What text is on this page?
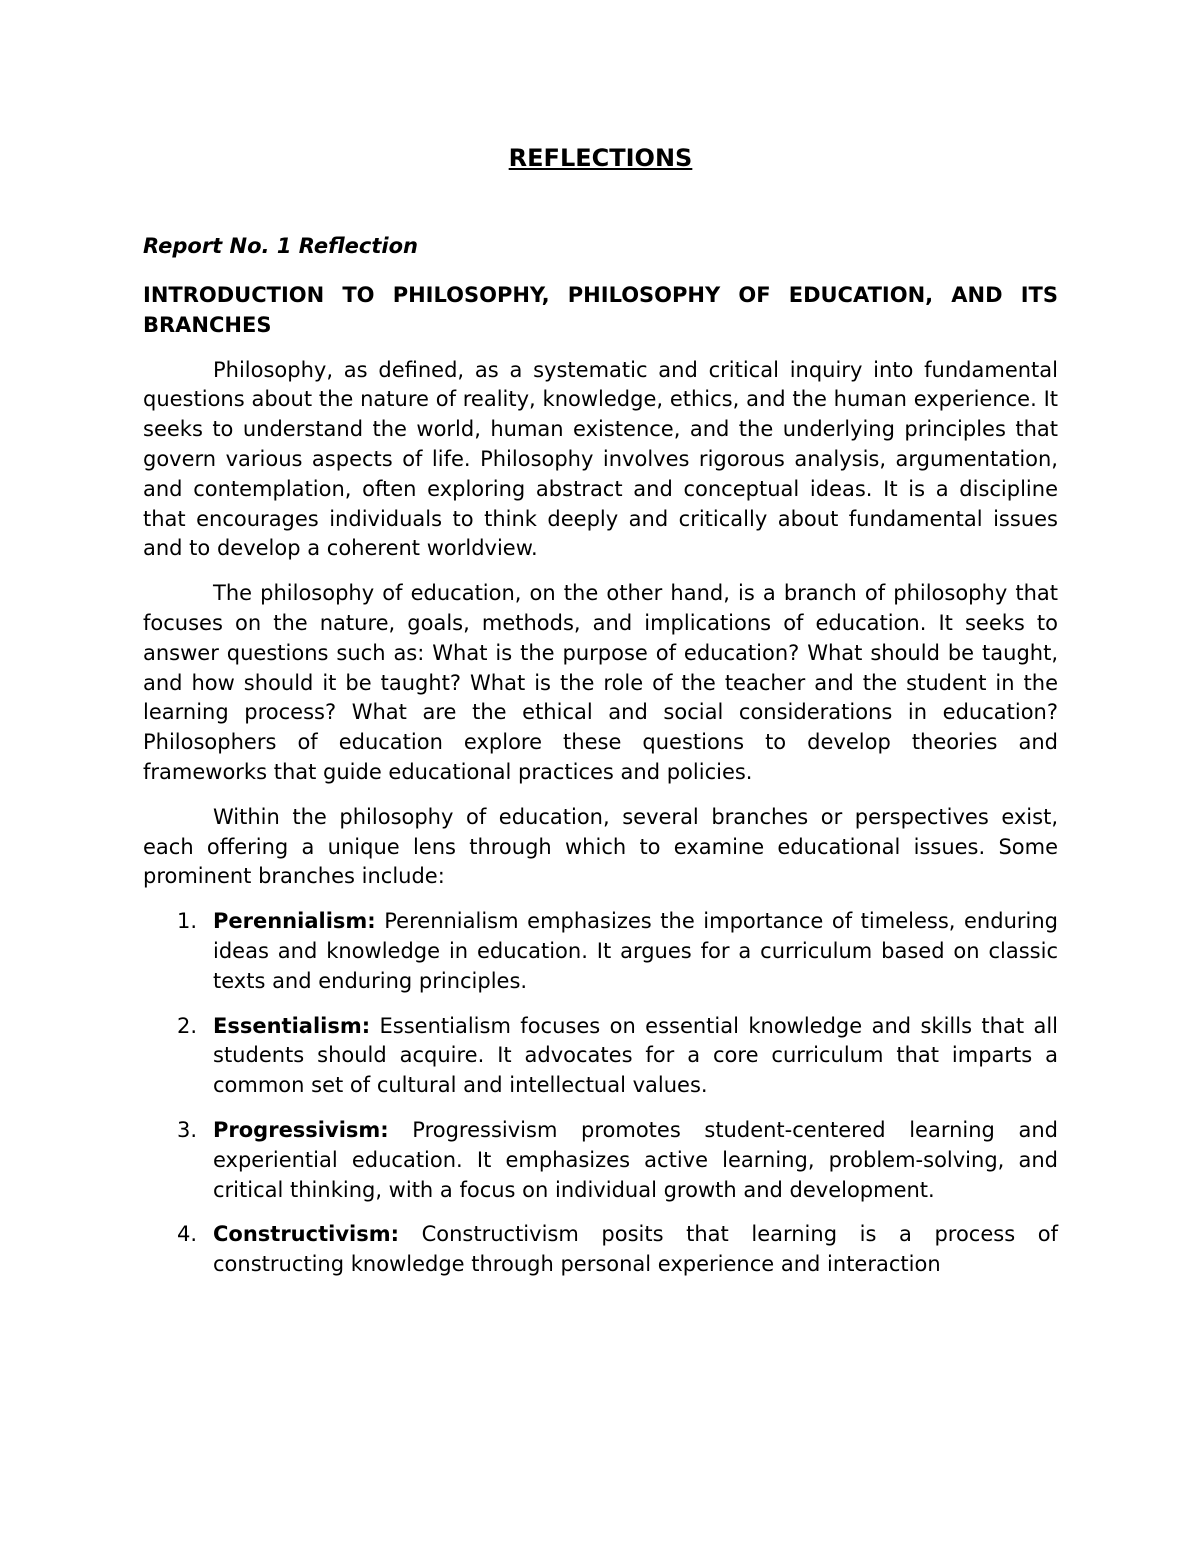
REFLECTIONS

Report No. 1 Reflection

INTRODUCTION TO PHILOSOPHY, PHILOSOPHY OF EDUCATION, AND ITS BRANCHES

Philosophy, as defined, as a systematic and critical inquiry into fundamental questions about the nature of reality, knowledge, ethics, and the human experience. It seeks to understand the world, human existence, and the underlying principles that govern various aspects of life. Philosophy involves rigorous analysis, argumentation, and contemplation, often exploring abstract and conceptual ideas. It is a discipline that encourages individuals to think deeply and critically about fundamental issues and to develop a coherent worldview.

The philosophy of education, on the other hand, is a branch of philosophy that focuses on the nature, goals, methods, and implications of education. It seeks to answer questions such as: What is the purpose of education? What should be taught, and how should it be taught? What is the role of the teacher and the student in the learning process? What are the ethical and social considerations in education? Philosophers of education explore these questions to develop theories and frameworks that guide educational practices and policies.

Within the philosophy of education, several branches or perspectives exist, each offering a unique lens through which to examine educational issues. Some prominent branches include:

1. Perennialism: Perennialism emphasizes the importance of timeless, enduring ideas and knowledge in education. It argues for a curriculum based on classic texts and enduring principles.
2. Essentialism: Essentialism focuses on essential knowledge and skills that all students should acquire. It advocates for a core curriculum that imparts a common set of cultural and intellectual values.
3. Progressivism: Progressivism promotes student-centered learning and experiential education. It emphasizes active learning, problem-solving, and critical thinking, with a focus on individual growth and development.
4. Constructivism: Constructivism posits that learning is a process of constructing knowledge through personal experience and interaction
